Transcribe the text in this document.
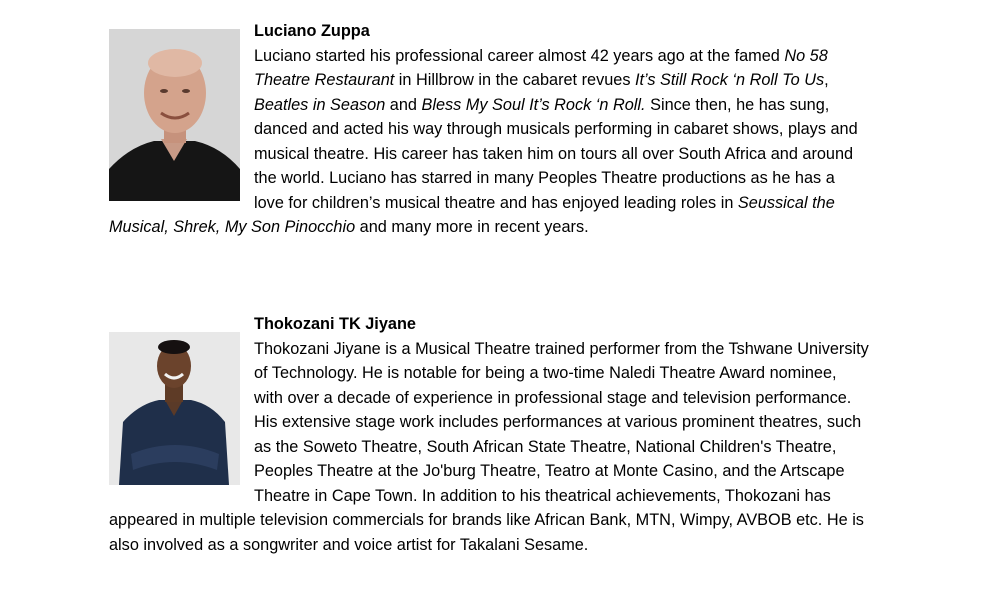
Luciano Zuppa
Luciano started his professional career almost 42 years ago at the famed No 58 Theatre Restaurant in Hillbrow in the cabaret revues It’s Still Rock ‘n Roll To Us, Beatles in Season and Bless My Soul It’s Rock ‘n Roll. Since then, he has sung, danced and acted his way through musicals performing in cabaret shows, plays and musical theatre. His career has taken him on tours all over South Africa and around the world. Luciano has starred in many Peoples Theatre productions as he has a love for children’s musical theatre and has enjoyed leading roles in Seussical the Musical, Shrek, My Son Pinocchio and many more in recent years.

Thokozani TK Jiyane
Thokozani Jiyane is a Musical Theatre trained performer from the Tshwane University of Technology. He is notable for being a two-time Naledi Theatre Award nominee, with over a decade of experience in professional stage and television performance. His extensive stage work includes performances at various prominent theatres, such as the Soweto Theatre, South African State Theatre, National Children's Theatre, Peoples Theatre at the Jo'burg Theatre, Teatro at Monte Casino, and the Artscape Theatre in Cape Town. In addition to his theatrical achievements, Thokozani has appeared in multiple television commercials for brands like African Bank, MTN, Wimpy, AVBOB etc. He is also involved as a songwriter and voice artist for Takalani Sesame.
